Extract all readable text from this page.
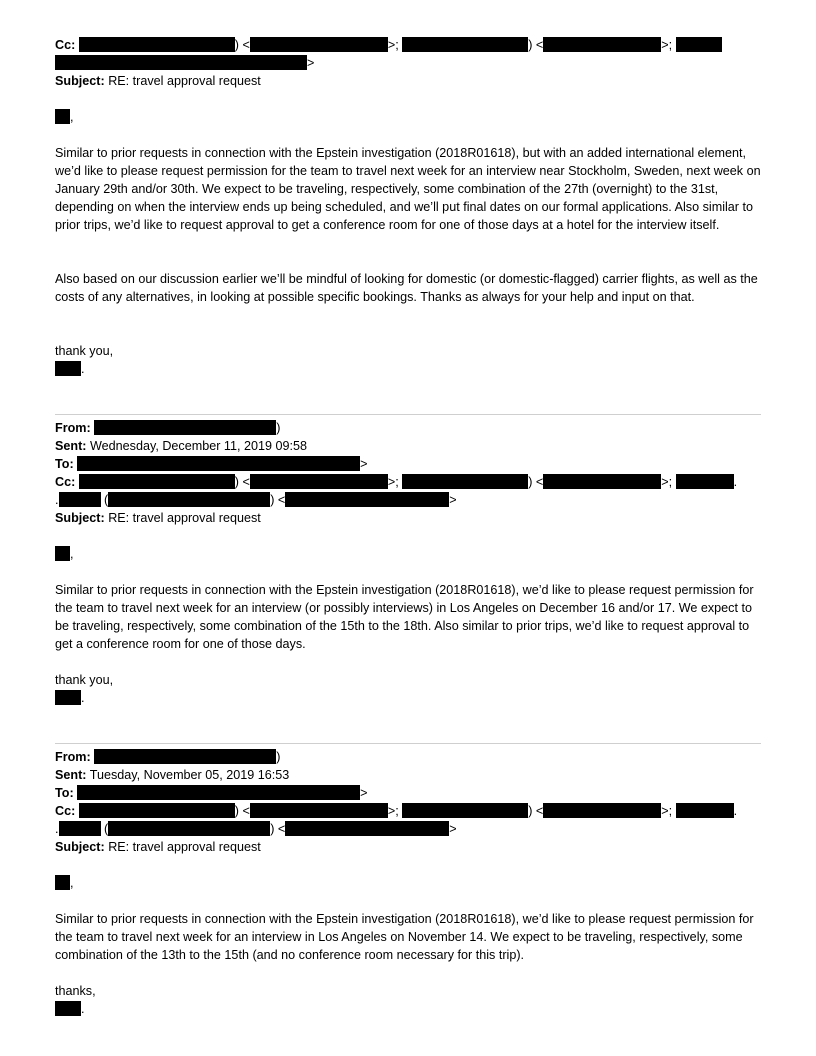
Cc:	) <	>;	) <	>;
>
Subject: RE: travel approval request
,
Similar to prior requests in connection with the Epstein investigation (2018R01618), but with an added international element, we’d like to please request permission for the team to travel next week for an interview near Stockholm, Sweden, next week on January 29th and/or 30th. We expect to be traveling, respectively, some combination of the 27th (overnight) to the 31st, depending on when the interview ends up being scheduled, and we’ll put final dates on our formal applications. Also similar to prior trips, we’d like to request approval to get a conference room for one of those days at a hotel for the interview itself.
Also based on our discussion earlier we’ll be mindful of looking for domestic (or domestic-flagged) carrier flights, as well as the costs of any alternatives, in looking at possible specific bookings. Thanks as always for your help and input on that.
thank you,
.
From:	)
Sent: Wednesday, December 11, 2019 09:58
To:	>
Cc:	) <	>;	) <	>;	.
.	(	) <	>
Subject: RE: travel approval request
,
Similar to prior requests in connection with the Epstein investigation (2018R01618), we’d like to please request permission for the team to travel next week for an interview (or possibly interviews) in Los Angeles on December 16 and/or 17. We expect to be traveling, respectively, some combination of the 15th to the 18th. Also similar to prior trips, we’d like to request approval to get a conference room for one of those days.
thank you,
.
From:	)
Sent: Tuesday, November 05, 2019 16:53
To:	>
Cc:	) <	>;	) <	>;	.
.	(	) <	>
Subject: RE: travel approval request
,
Similar to prior requests in connection with the Epstein investigation (2018R01618), we’d like to please request permission for the team to travel next week for an interview in Los Angeles on November 14. We expect to be traveling, respectively, some combination of the 13th to the 15th (and no conference room necessary for this trip).
thanks,
.
